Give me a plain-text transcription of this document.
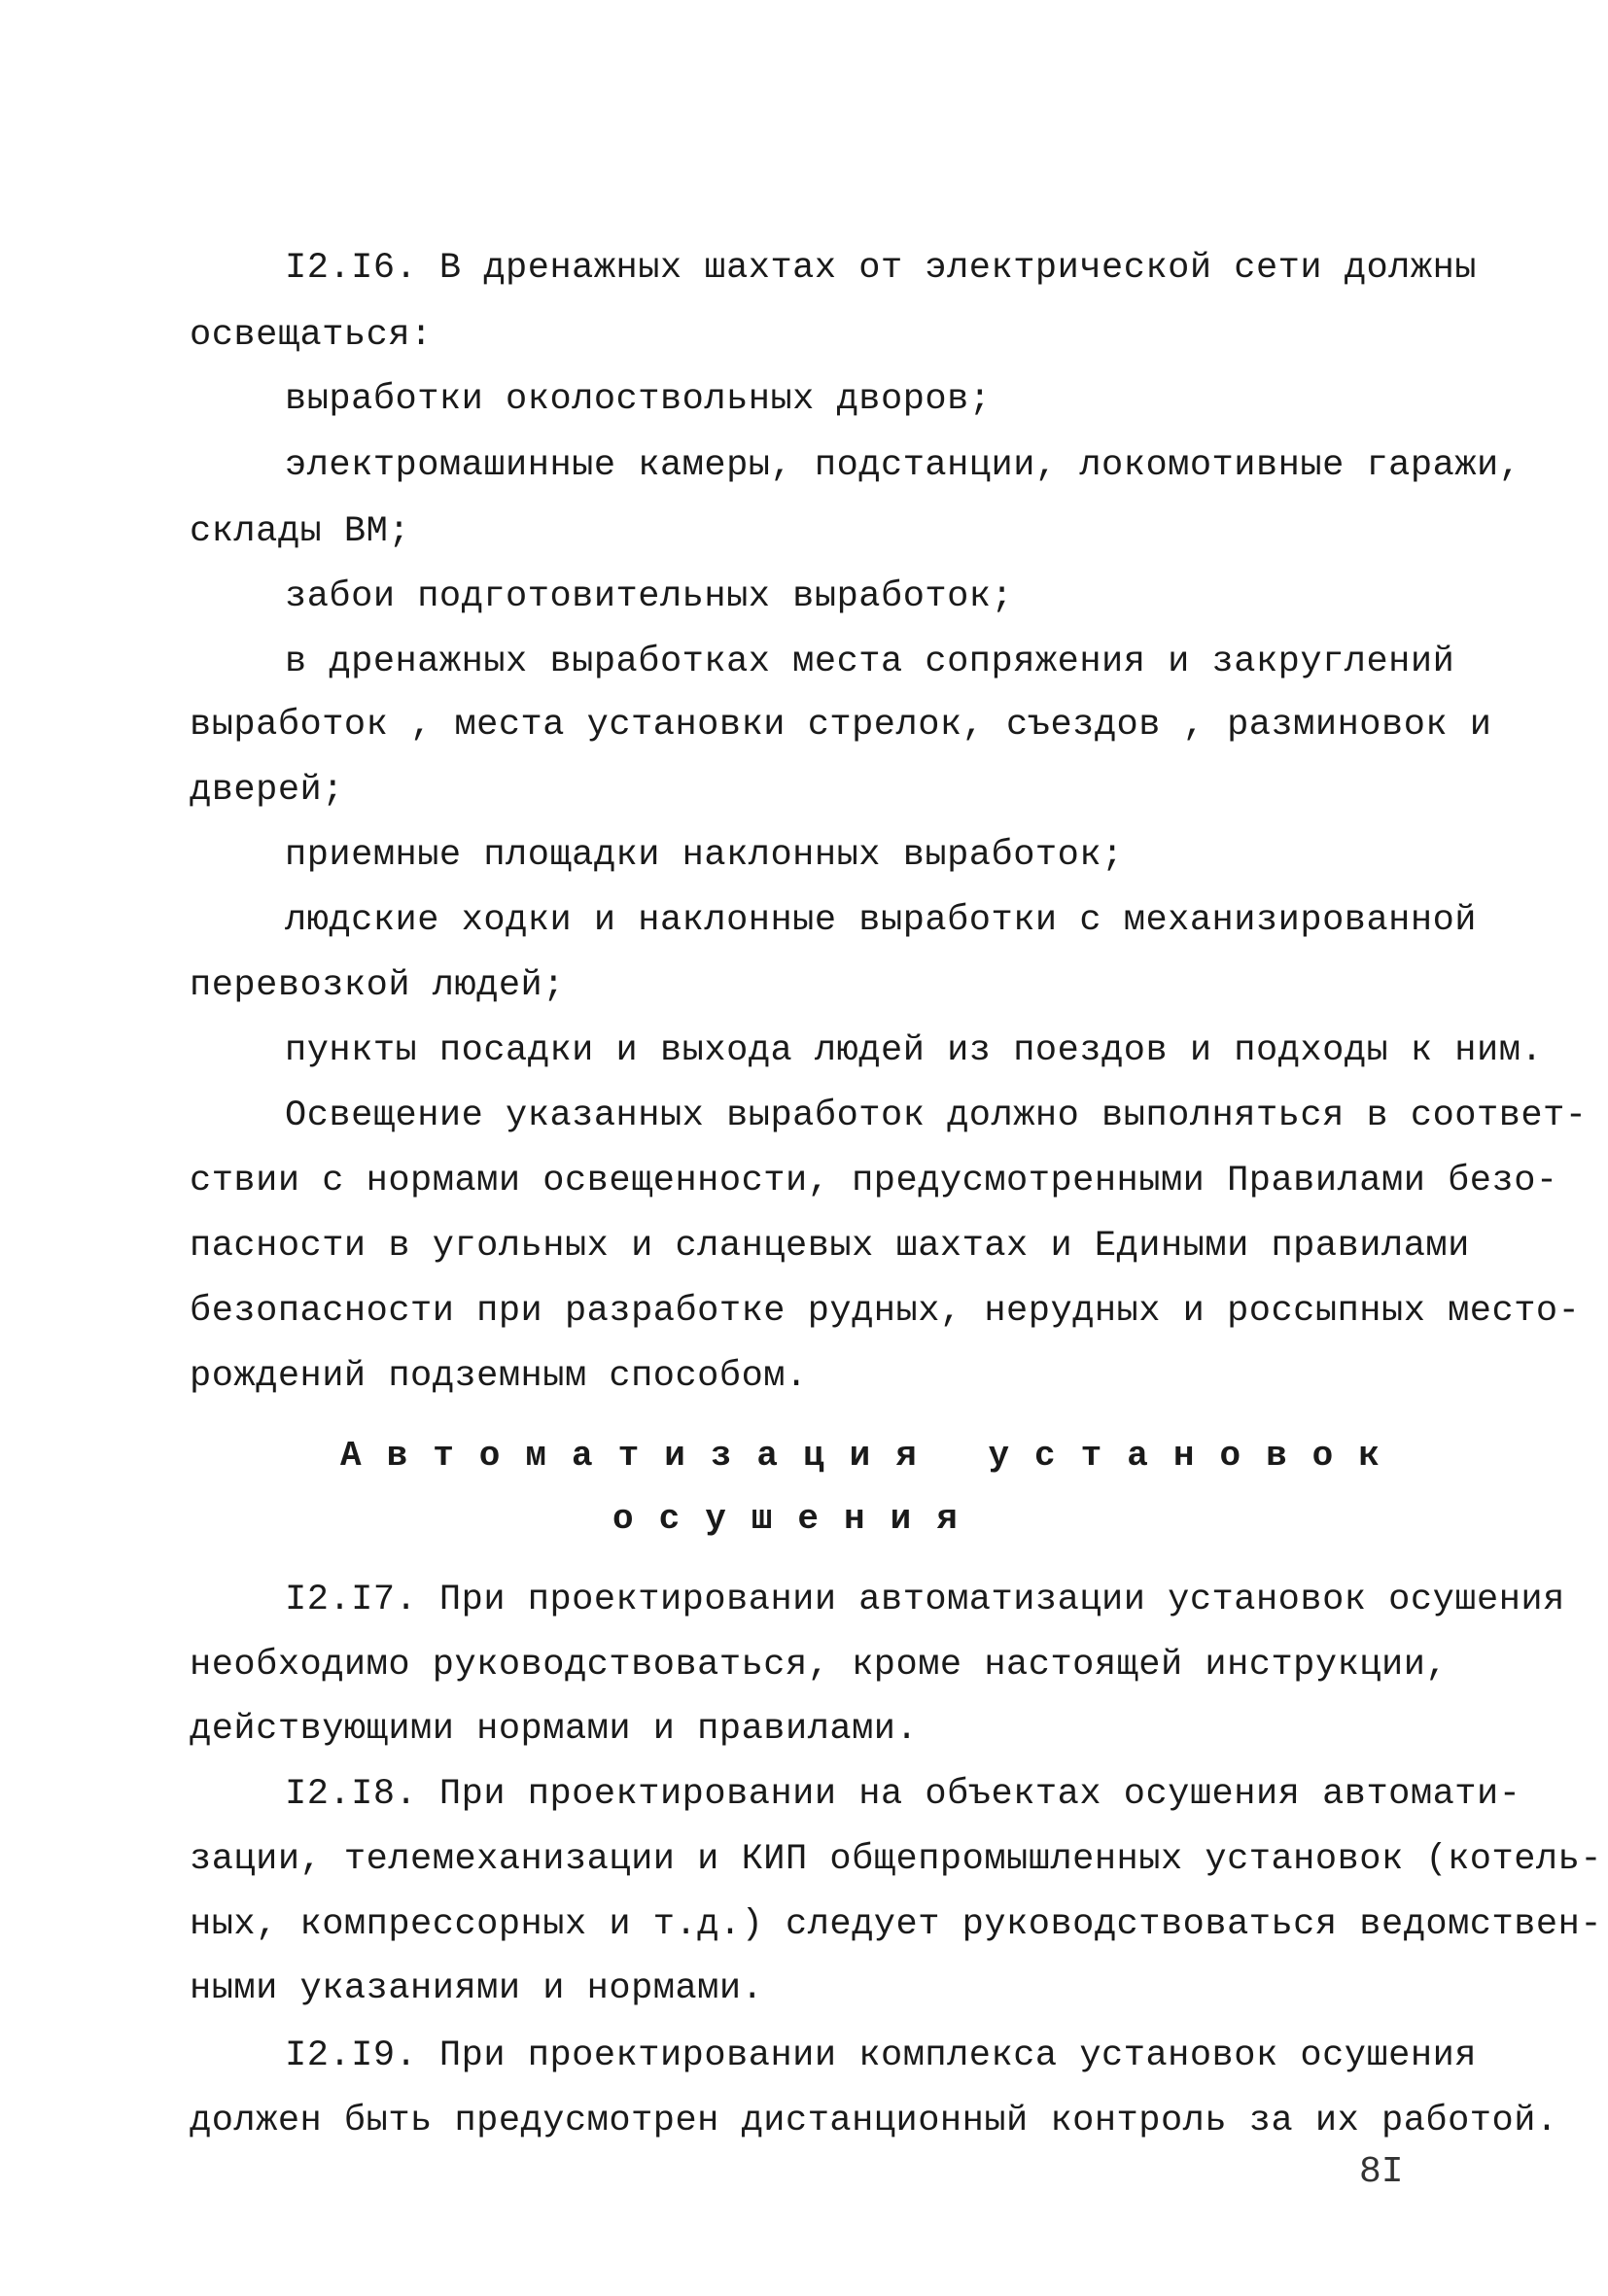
I2.I6. В дренажных шахтах от электрической сети должны
освещаться:
выработки околоствольных дворов;
электромашинные камеры, подстанции, локомотивные гаражи,
склады ВМ;
забои подготовительных выработок;
в дренажных выработках места сопряжения и закруглений
выработок , места установки стрелок, съездов , разминовок и
дверей;
приемные площадки наклонных выработок;
людские ходки и наклонные выработки с механизированной
перевозкой людей;
пункты посадки и выхода людей из поездов и подходы к ним.
Освещение указанных выработок должно выполняться в соответ-
ствии с нормами освещенности, предусмотренными Правилами безо-
пасности в угольных и сланцевых шахтах и Едиными правилами
безопасности при разработке рудных, нерудных и россыпных место-
рождений подземным способом.
Автоматизация установок
осушения
I2.I7. При проектировании автоматизации установок осушения
необходимо руководствоваться, кроме настоящей инструкции,
действующими нормами и правилами.
I2.I8. При проектировании на объектах осушения автомати-
зации, телемеханизации и КИП общепромышленных установок (котель-
ных, компрессорных и т.д.) следует руководствоваться ведомствен-
ными указаниями и нормами.
I2.I9. При проектировании комплекса установок осушения
должен быть предусмотрен дистанционный контроль за их работой.
8I
